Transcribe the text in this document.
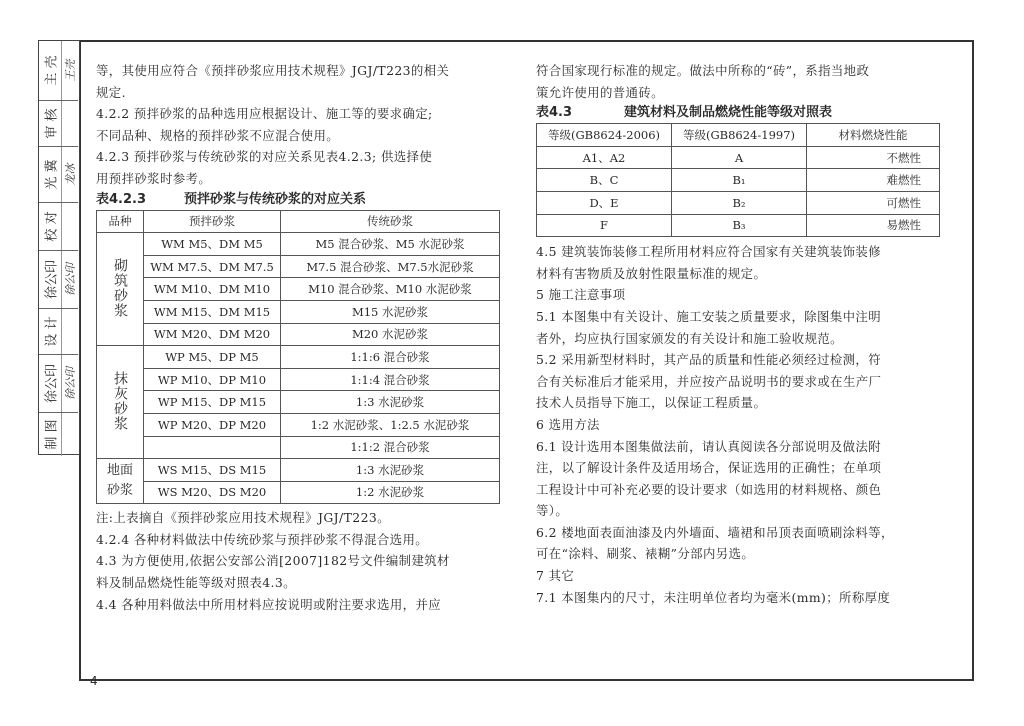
主 壳 王壳
审 核
光 冀 龙冰
校 对
徐公印 徐公印
设 计
徐公印 徐公印
制 图

等，其使用应符合《预拌砂浆应用技术规程》JGJ/T223的相关

规定.

4.2.2 预拌砂浆的品种选用应根据设计、施工等的要求确定;

不同品种、规格的预拌砂浆不应混合使用。

4.2.3 预拌砂浆与传统砂浆的对应关系见表4.2.3; 供选择使

用预拌砂浆时参考。

表4.2.3	预拌砂浆与传统砂浆的对应关系
品种	预拌砂浆	传统砂浆
砌筑砂浆	WM M5、DM M5	M5 混合砂浆、M5 水泥砂浆
	WM M7.5、DM M7.5	M7.5 混合砂浆、M7.5水泥砂浆
	WM M10、DM M10	M10 混合砂浆、M10 水泥砂浆
	WM M15、DM M15	M15 水泥砂浆
	WM M20、DM M20	M20 水泥砂浆
抹灰砂浆	WP M5、DP M5	1:1:6 混合砂浆
	WP M10、DP M10	1:1:4 混合砂浆
	WP M15、DP M15	1:3 水泥砂浆
	WP M20、DP M20	1:2 水泥砂浆、1:2.5 水泥砂浆
		1:1:2 混合砂浆
地面砂浆	WS M15、DS M15	1:3 水泥砂浆
	WS M20、DS M20	1:2 水泥砂浆

注:上表摘自《预拌砂浆应用技术规程》JGJ/T223。

4.2.4 各种材料做法中传统砂浆与预拌砂浆不得混合选用。

4.3 为方便使用,依据公安部公消[2007]182号文件编制建筑材

料及制品燃烧性能等级对照表4.3。

4.4 各种用料做法中所用材料应按说明或附注要求选用，并应

符合国家现行标准的规定。做法中所称的“砖”，系指当地政

策允许使用的普通砖。

表4.3	建筑材料及制品燃烧性能等级对照表
等级(GB8624-2006)	等级(GB8624-1997)	材料燃烧性能
A1、A2	A	不燃性
B、C	B₁	难燃性
D、E	B₂	可燃性
F	B₃	易燃性

4.5 建筑装饰装修工程所用材料应符合国家有关建筑装饰装修

材料有害物质及放射性限量标准的规定。

5 施工注意事项

5.1 本图集中有关设计、施工安装之质量要求，除图集中注明

者外，均应执行国家颁发的有关设计和施工验收规范。

5.2 采用新型材料时，其产品的质量和性能必须经过检测，符

合有关标准后才能采用，并应按产品说明书的要求或在生产厂

技术人员指导下施工，以保证工程质量。

6 选用方法

6.1 设计选用本图集做法前，请认真阅读各分部说明及做法附

注，以了解设计条件及适用场合，保证选用的正确性；在单项

工程设计中可补充必要的设计要求（如选用的材料规格、颜色

等）。

6.2 楼地面表面油漆及内外墙面、墙裙和吊顶表面喷刷涂料等，

可在“涂料、刷浆、裱糊”分部内另选。

7 其它

7.1 本图集内的尺寸，未注明单位者均为毫米(mm)；所称厚度

4
